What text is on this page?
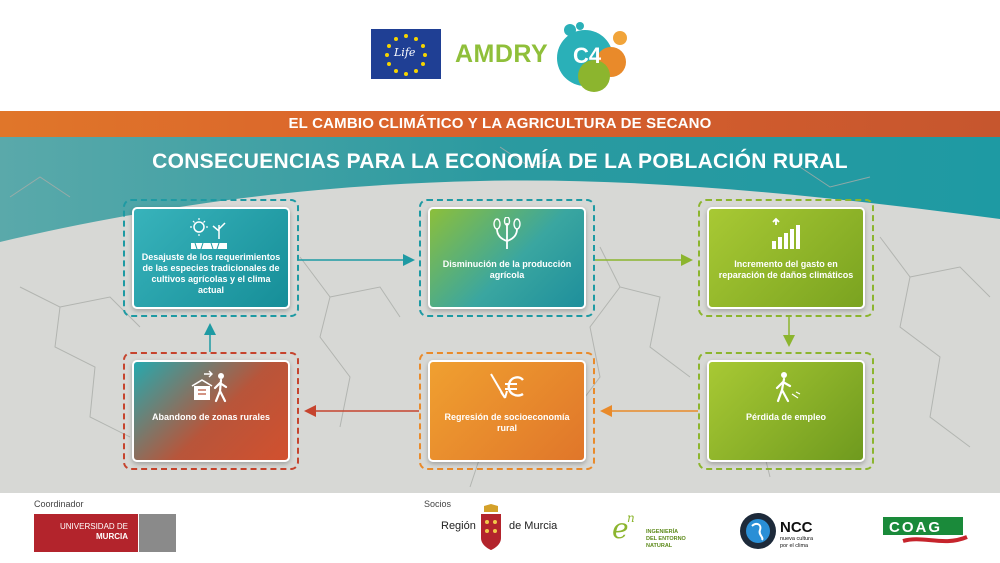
Life AMDRY C4
EL CAMBIO CLIMÁTICO Y LA AGRICULTURA DE SECANO
CONSECUENCIAS PARA LA ECONOMÍA DE LA POBLACIÓN RURAL
Desajuste de los requerimientos de las especies tradicionales de cultivos agrícolas y el clima actual
Disminución de la producción agrícola
Incremento del gasto en reparación de daños climáticos
Pérdida de empleo
Regresión de socioeconomía rural
Abandono de zonas rurales
Coordinador	Socios
UNIVERSIDAD DE
MURCIA
Región	de Murcia e
n
INGENIERÍA
DEL ENTORNO
NATURAL
NCC
nueva cultura
por el clima
COAG
